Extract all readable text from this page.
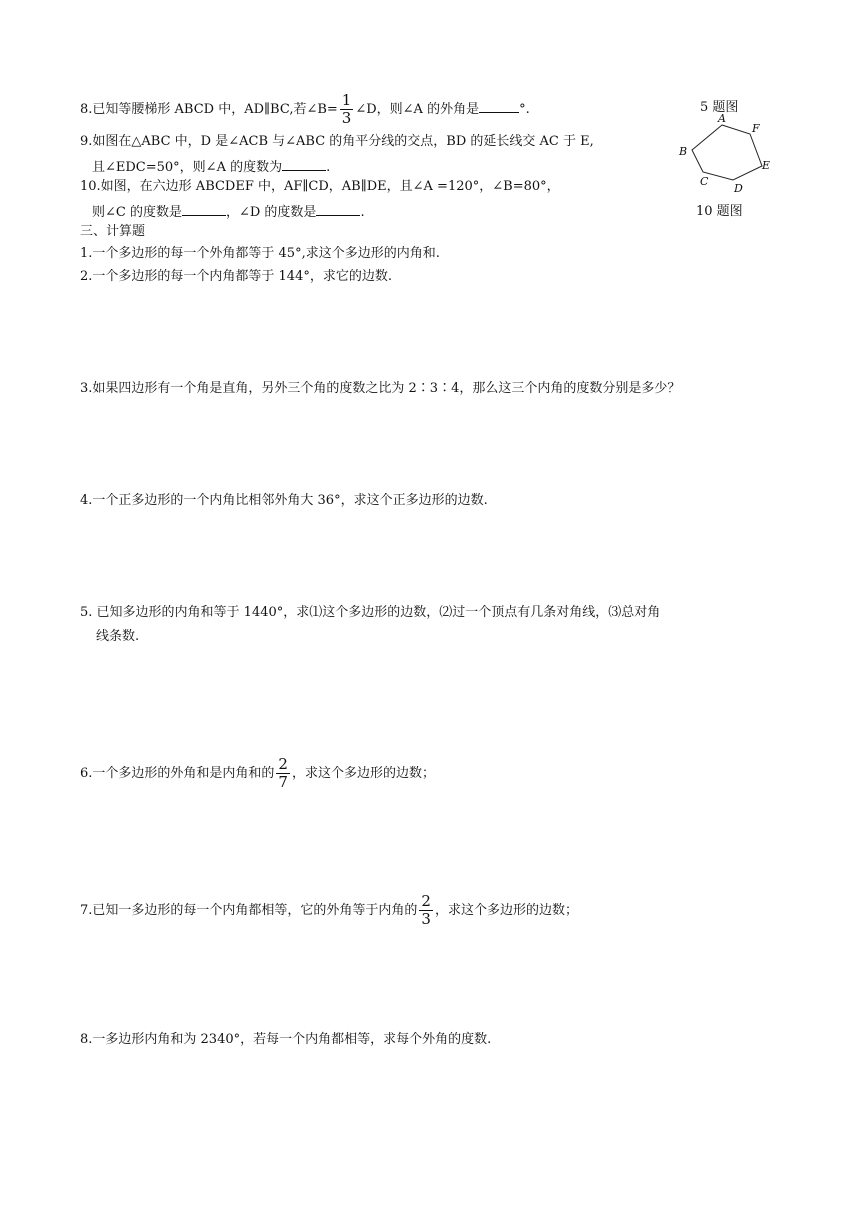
8.已知等腰梯形 ABCD 中，AD∥BC,若∠B= $\frac{1}{3}$ ∠D，则∠A 的外角是	°.	5 题图
9.如图在△ABC 中，D 是∠ACB 与∠ABC 的角平分线的交点，BD 的延长线交 AC 于 E,
且∠EDC=50°，则∠A 的度数为	.
10.如图，在六边形 ABCDEF 中，AF∥CD，AB∥DE，且∠A =120°，∠B=80°，
则∠C 的度数是	，∠D 的度数是	.
A
F
E
D
C
B
10 题图
三、计算题
1.一个多边形的每一个外角都等于 45°,求这个多边形的内角和.
2.一个多边形的每一个内角都等于 144°，求它的边数.
3.如果四边形有一个角是直角，另外三个角的度数之比为 2∶3∶4，那么这三个内角的度数分别是多少？
4.一个正多边形的一个内角比相邻外角大 36°，求这个正多边形的边数.
5. 已知多边形的内角和等于 1440°，求⑴这个多边形的边数，⑵过一个顶点有几条对角线，⑶总对角
线条数.
6.一个多边形的外角和是内角和的 $\frac{2}{7}$ ，求这个多边形的边数；
7.已知一多边形的每一个内角都相等，它的外角等于内角的 $\frac{2}{3}$ ，求这个多边形的边数；
8.一多边形内角和为 2340°，若每一个内角都相等，求每个外角的度数.
